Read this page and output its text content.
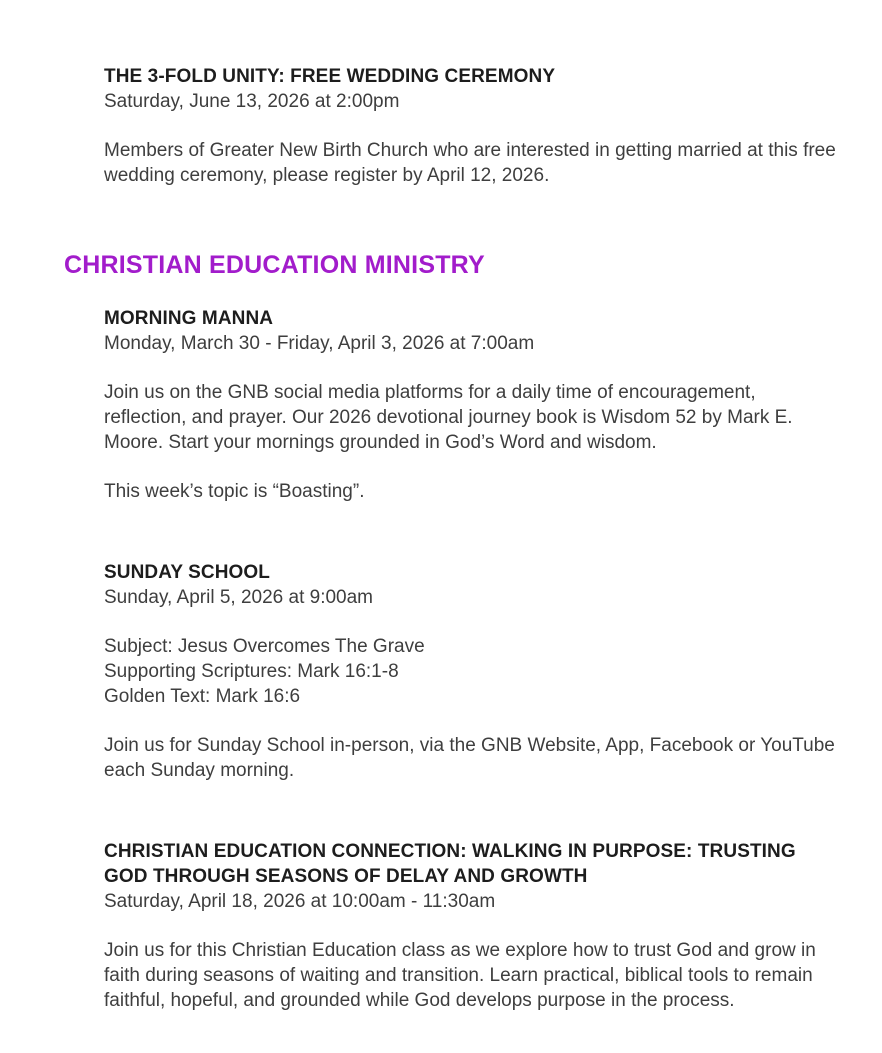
THE 3-FOLD UNITY: FREE WEDDING CEREMONY

Saturday, June 13, 2026 at 2:00pm

Members of Greater New Birth Church who are interested in getting married at this free wedding ceremony, please register by April 12, 2026.

CHRISTIAN EDUCATION MINISTRY
MORNING MANNA

Monday, March 30 - Friday, April 3, 2026 at 7:00am

Join us on the GNB social media platforms for a daily time of encouragement, reflection, and prayer. Our 2026 devotional journey book is Wisdom 52 by Mark E. Moore. Start your mornings grounded in God’s Word and wisdom.

This week’s topic is “Boasting”.

SUNDAY SCHOOL

Sunday, April 5, 2026 at 9:00am

Subject: Jesus Overcomes The Grave

Supporting Scriptures: Mark 16:1-8

Golden Text: Mark 16:6

Join us for Sunday School in-person, via the GNB Website, App, Facebook or YouTube each Sunday morning.

CHRISTIAN EDUCATION CONNECTION: WALKING IN PURPOSE: TRUSTING GOD THROUGH SEASONS OF DELAY AND GROWTH

Saturday, April 18, 2026 at 10:00am - 11:30am

Join us for this Christian Education class as we explore how to trust God and grow in faith during seasons of waiting and transition. Learn practical, biblical tools to remain faithful, hopeful, and grounded while God develops purpose in the process.
